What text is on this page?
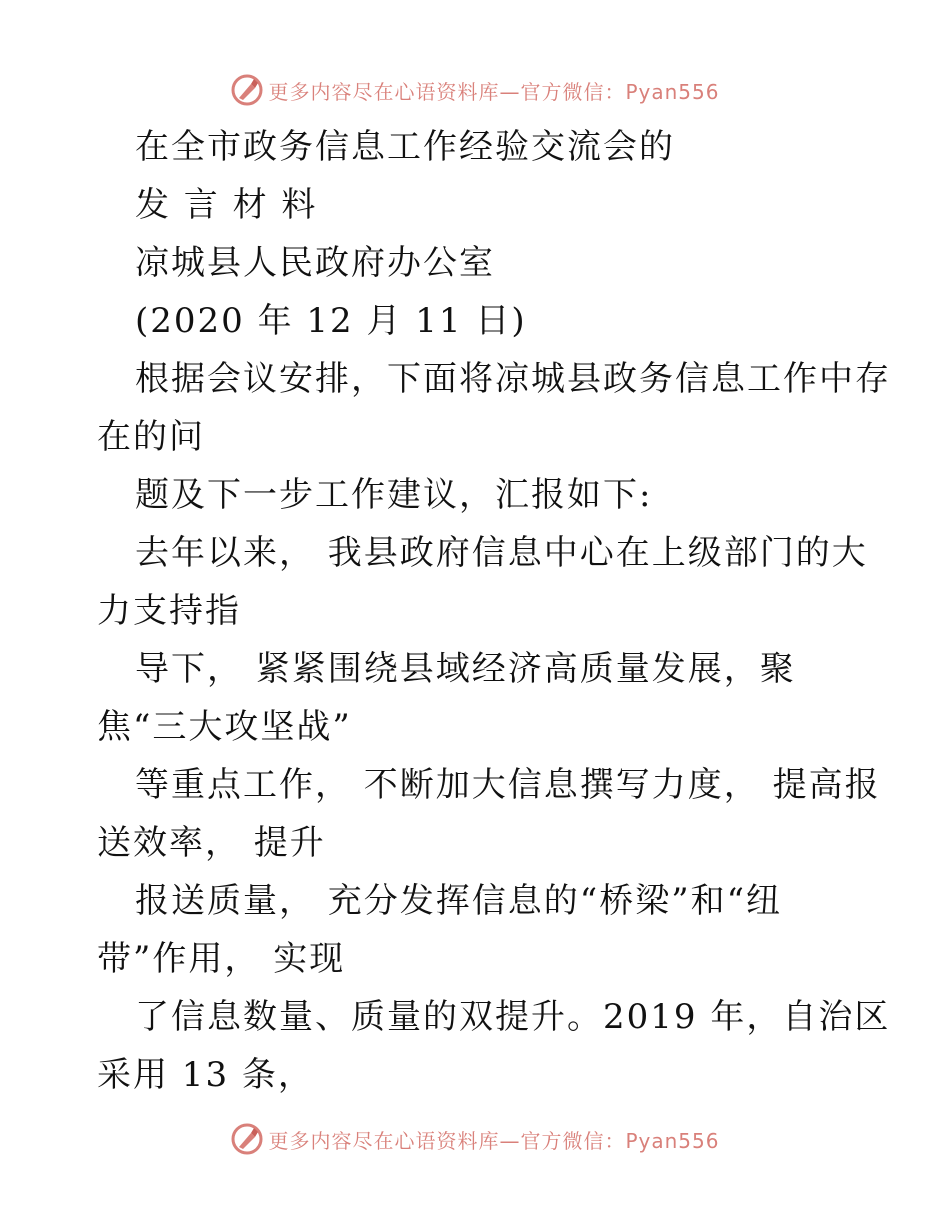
更多内容尽在心语资料库—官方微信：Pyan556
在全市政务信息工作经验交流会的
发 言 材 料
凉城县人民政府办公室
(2020 年 12 月 11 日)
根据会议安排，下面将凉城县政务信息工作中存
在的问
题及下一步工作建议，汇报如下:
去年以来， 我县政府信息中心在上级部门的大
力支持指
导下， 紧紧围绕县域经济高质量发展，聚
焦“三大攻坚战”
等重点工作， 不断加大信息撰写力度， 提高报
送效率， 提升
报送质量， 充分发挥信息的“桥梁”和“纽
带”作用， 实现
了信息数量、质量的双提升。2019 年，自治区
采用 13 条，
更多内容尽在心语资料库—官方微信：Pyan556
